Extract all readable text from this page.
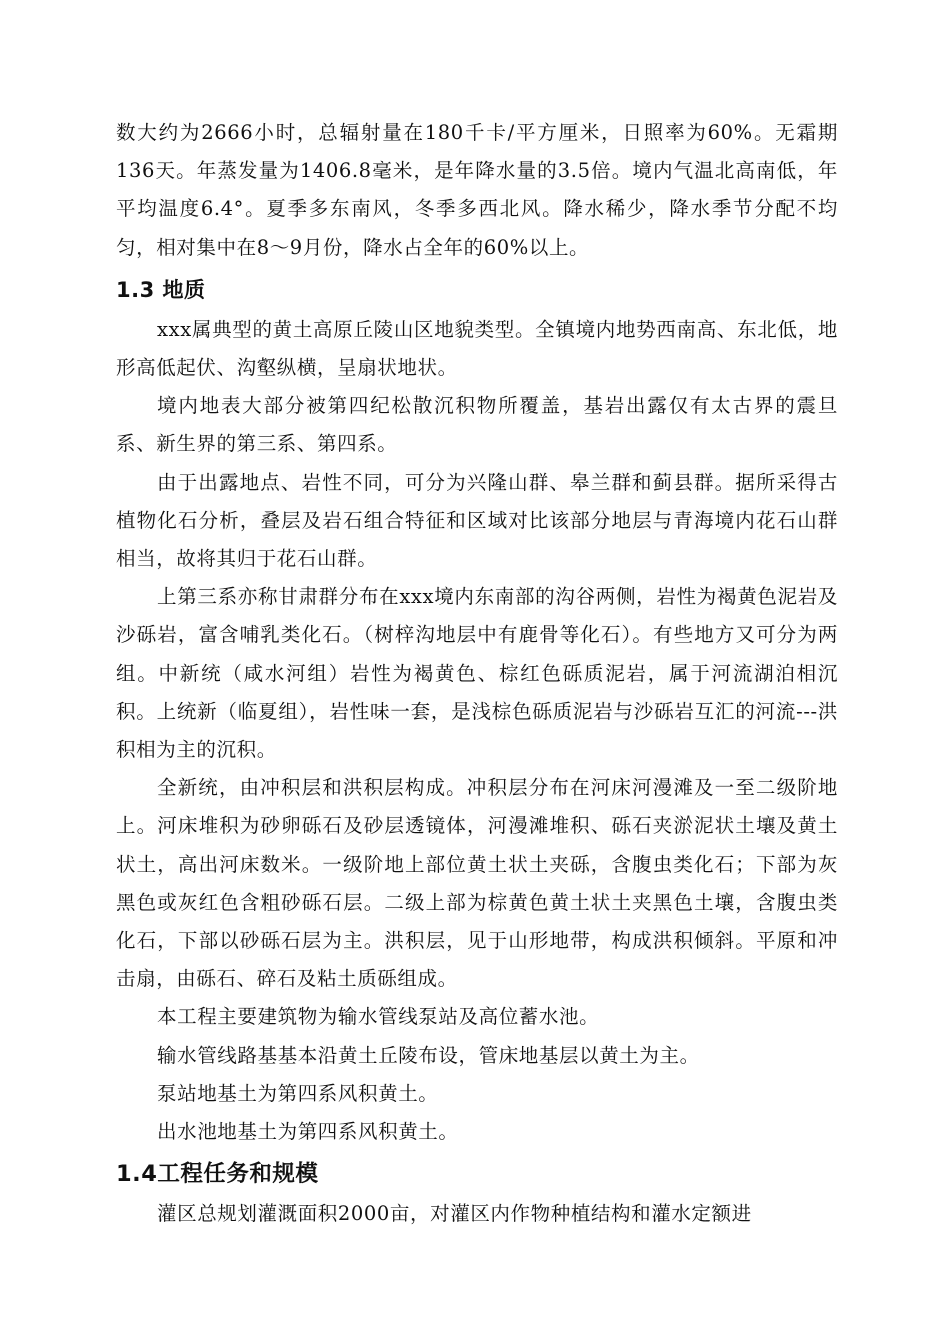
数大约为2666小时，总辐射量在180千卡/平方厘米，日照率为60%。无霜期136天。年蒸发量为1406.8毫米，是年降水量的3.5倍。境内气温北高南低，年平均温度6.4°。夏季多东南风，冬季多西北风。降水稀少，降水季节分配不均匀，相对集中在8～9月份，降水占全年的60%以上。

1.3 地质

xxx属典型的黄土高原丘陵山区地貌类型。全镇境内地势西南高、东北低，地形高低起伏、沟壑纵横，呈扇状地状。

境内地表大部分被第四纪松散沉积物所覆盖，基岩出露仅有太古界的震旦系、新生界的第三系、第四系。

由于出露地点、岩性不同，可分为兴隆山群、皋兰群和蓟县群。据所采得古植物化石分析，叠层及岩石组合特征和区域对比该部分地层与青海境内花石山群相当，故将其归于花石山群。

上第三系亦称甘肃群分布在xxx境内东南部的沟谷两侧，岩性为褐黄色泥岩及沙砾岩，富含哺乳类化石。（树梓沟地层中有鹿骨等化石）。有些地方又可分为两组。中新统（咸水河组）岩性为褐黄色、棕红色砾质泥岩，属于河流湖泊相沉积。上统新（临夏组），岩性味一套，是浅棕色砾质泥岩与沙砾岩互汇的河流---洪积相为主的沉积。

全新统，由冲积层和洪积层构成。冲积层分布在河床河漫滩及一至二级阶地上。河床堆积为砂卵砾石及砂层透镜体，河漫滩堆积、砾石夹淤泥状土壤及黄土状土，高出河床数米。一级阶地上部位黄土状土夹砾，含腹虫类化石；下部为灰黑色或灰红色含粗砂砾石层。二级上部为棕黄色黄土状土夹黑色土壤，含腹虫类化石，下部以砂砾石层为主。洪积层，见于山形地带，构成洪积倾斜。平原和冲击扇，由砾石、碎石及粘土质砾组成。

本工程主要建筑物为输水管线泵站及高位蓄水池。

输水管线路基基本沿黄土丘陵布设，管床地基层以黄土为主。

泵站地基土为第四系风积黄土。

出水池地基土为第四系风积黄土。

1.4工程任务和规模

灌区总规划灌溉面积2000亩，对灌区内作物种植结构和灌水定额进
